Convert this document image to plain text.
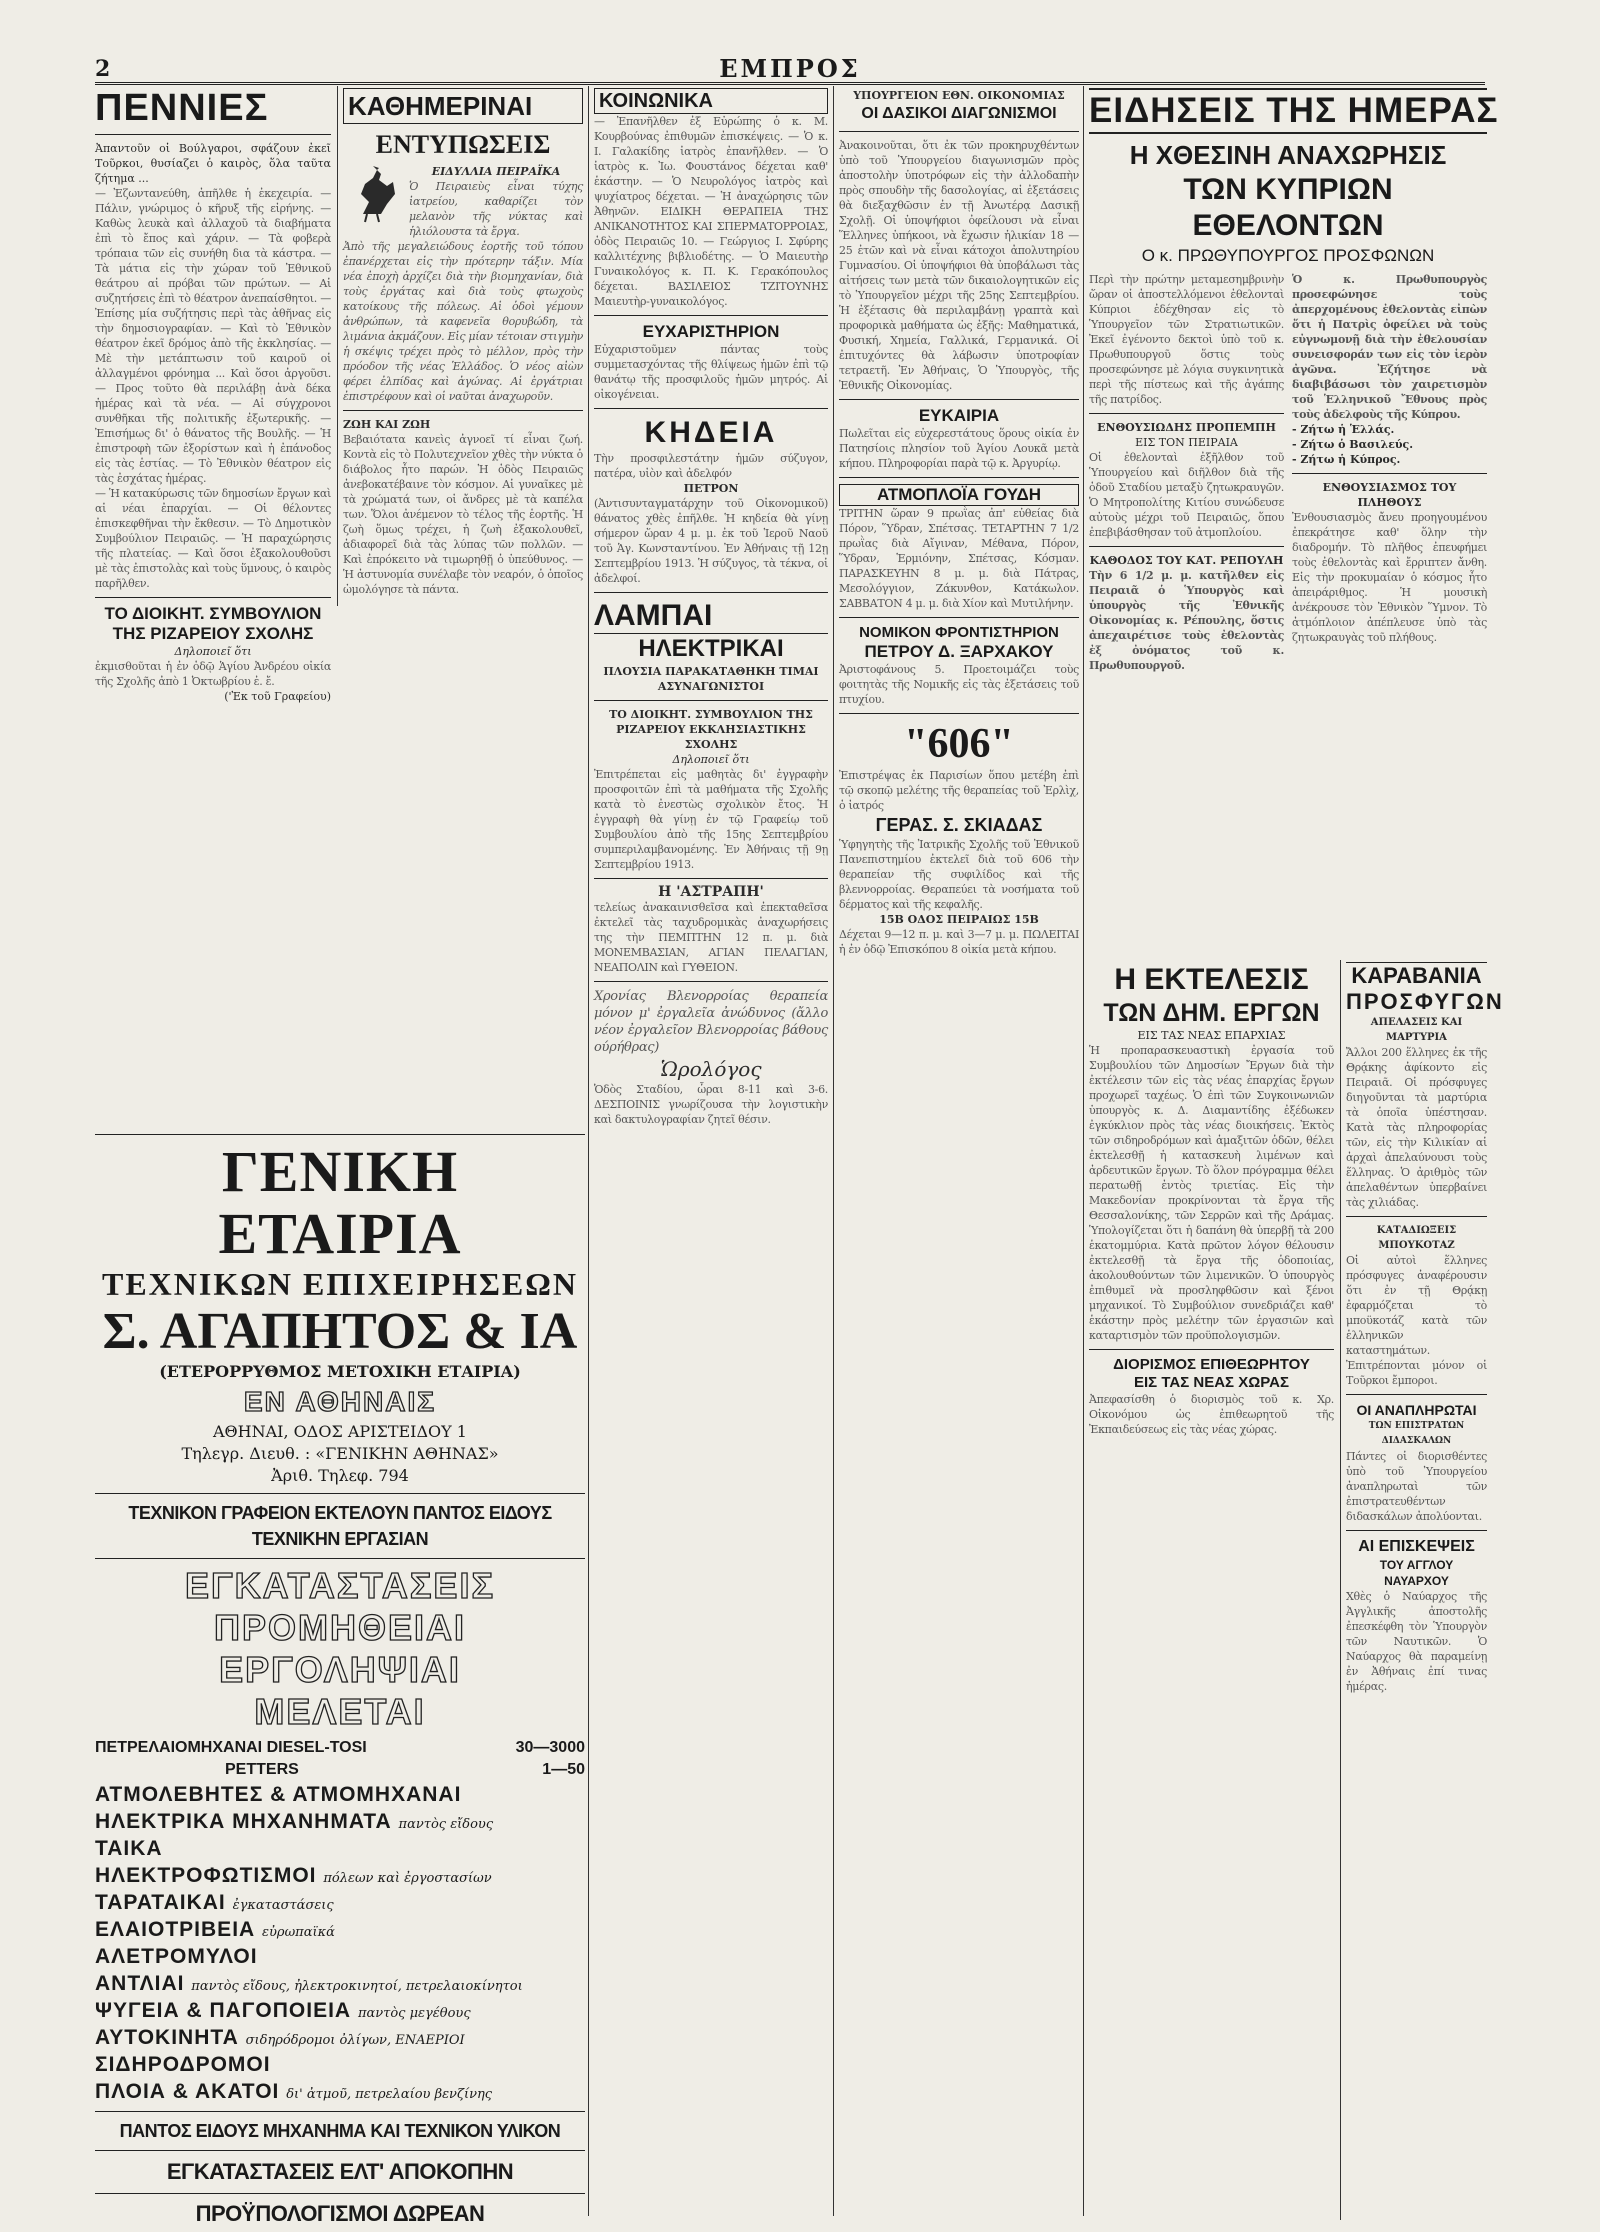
2	ΕΜΠΡΟΣ
ΠΕΝΝΙΕΣ

Ἀπαντοῦν οἱ Βούλγαροι, σφάζουν ἐκεῖ Τοῦρκοι, θυσίαζει ὁ καιρὸς, ὅλα ταῦτα ζήτημα ...

— Ἐζωντανεύθη, ἀπῆλθε ἡ ἐκεχειρία. — Πάλιν, γνώριμος ὁ κῆρυξ τῆς εἰρήνης. — Καθὼς λευκὰ καὶ ἀλλαχοῦ τὰ διαβήματα ἐπὶ τὸ ἔπος καὶ χάριν. — Τὰ φοβερὰ τρόπαια τῶν εἰς συνήθη δια τὰ κάστρα. — Τὰ μάτια εἰς τὴν χώραν τοῦ Ἐθνικοῦ θεάτρου αἱ πρόβαι τῶν πρώτων. — Αἱ συζητήσεις ἐπὶ τὸ θέατρον ἀνεπαίσθητοι. — Ἐπίσης μία συζήτησις περὶ τὰς ἀθῆνας εἰς τὴν δημοσιογραφίαν. — Καὶ τὸ Ἐθνικὸν θέατρον ἐκεῖ δρόμος ἀπὸ τῆς ἐκκλησίας. — Μὲ τὴν μετάπτωσιν τοῦ καιροῦ οἱ ἀλλαγμένοι φρόνημα ... Καὶ ὅσοι ἀργοῦσι. — Προς τοῦτο θὰ περιλάβῃ ἀνὰ δέκα ἡμέρας καὶ τὰ νέα. — Αἱ σύγχρονοι συνθῆκαι τῆς πολιτικῆς ἐξωτερικῆς. — Ἐπισήμως δι' ὁ θάνατος τῆς Βουλῆς. — Ἡ ἐπιστροφὴ τῶν ἐξορίστων καὶ ἡ ἐπάνοδος εἰς τὰς ἑστίας. — Τὸ Ἐθνικὸν θέατρον εἰς τὰς ἐσχάτας ἡμέρας.

— Ἡ κατακύρωσις τῶν δημοσίων ἔργων καὶ αἱ νέαι ἐπαρχίαι. — Οἱ θέλοντες ἐπισκεφθῆναι τὴν ἔκθεσιν. — Τὸ Δημοτικὸν Συμβούλιον Πειραιῶς. — Ἡ παραχώρησις τῆς πλατείας. — Καὶ ὅσοι ἐξακολουθοῦσι μὲ τὰς ἐπιστολὰς καὶ τοὺς ὕμνους, ὁ καιρὸς παρῆλθεν.

ΤΟ ΔΙΟΙΚΗΤ. ΣΥΜΒΟΥΛΙΟΝ ΤΗΣ ΡΙΖΑΡΕΙΟΥ ΣΧΟΛΗΣ

Δηλοποιεῖ ὅτι

ἐκμισθοῦται ἡ ἐν ὁδῷ Ἁγίου Ἀνδρέου οἰκία τῆς Σχολῆς ἀπὸ 1 Ὀκτωβρίου ἐ. ἔ.

('Ἐκ τοῦ Γραφείου)

ΚΑΘΗΜΕΡΙΝΑΙ
ΕΝΤΥΠΩΣΕΙΣ

ΕΙΔΥΛΛΙΑ ΠΕΙΡΑΪΚΑ

Ὁ Πειραιεὺς εἶναι τύχης ἰατρείου, καθαρίζει τὸν μελανὸν τῆς νύκτας καὶ ἡλιόλουστα τὰ ἔργα.

Ἀπὸ τῆς μεγαλειώδους ἑορτῆς τοῦ τόπου ἐπανέρχεται εἰς τὴν πρότερην τάξιν. Μία νέα ἐποχὴ ἀρχίζει διὰ τὴν βιομηχανίαν, διὰ τοὺς ἐργάτας καὶ διὰ τοὺς φτωχοὺς κατοίκους τῆς πόλεως. Αἱ ὁδοὶ γέμουν ἀνθρώπων, τὰ καφενεῖα θορυβώδη, τὰ λιμάνια ἀκμάζουν. Εἰς μίαν τέτοιαν στιγμὴν ἡ σκέψις τρέχει πρὸς τὸ μέλλον, πρὸς τὴν πρόοδον τῆς νέας Ἑλλάδος. Ὁ νέος αἰὼν φέρει ἐλπίδας καὶ ἀγώνας. Αἱ ἐργάτριαι ἐπιστρέφουν καὶ οἱ ναῦται ἀναχωροῦν.

ΖΩΗ ΚΑΙ ΖΩΗ

Βεβαιότατα κανεὶς ἀγνοεῖ τί εἶναι ζωή. Κοντὰ εἰς τὸ Πολυτεχνεῖον χθὲς τὴν νύκτα ὁ διάβολος ἦτο παρών. Ἡ ὁδὸς Πειραιῶς ἀνεβοκατέβαινε τὸν κόσμον. Αἱ γυναῖκες μὲ τὰ χρώματά των, οἱ ἄνδρες μὲ τὰ καπέλα των. Ὅλοι ἀνέμενον τὸ τέλος τῆς ἑορτῆς. Ἡ ζωὴ ὅμως τρέχει, ἡ ζωὴ ἐξακολουθεῖ, ἀδιαφορεῖ διὰ τὰς λύπας τῶν πολλῶν. — Καὶ ἐπρόκειτο νὰ τιμωρηθῇ ὁ ὑπεύθυνος. — Ἡ ἀστυνομία συνέλαβε τὸν νεαρόν, ὁ ὁποῖος ὡμολόγησε τὰ πάντα.

ΚΟΙΝΩΝΙΚΑ

— Ἐπανῆλθεν ἐξ Εὐρώπης ὁ κ. Μ. Κουρβούνας ἐπιθυμῶν ἐπισκέψεις. — Ὁ κ. Ι. Γαλακίδης ἰατρὸς ἐπανῆλθεν. — Ὁ ἰατρὸς κ. Ἰω. Φουστάνος δέχεται καθ' ἑκάστην. — Ὁ Νευρολόγος ἰατρὸς καὶ ψυχίατρος δέχεται. — Ἡ ἀναχώρησις τῶν Ἀθηνῶν. ΕΙΔΙΚΗ ΘΕΡΑΠΕΙΑ ΤΗΣ ΑΝΙΚΑΝΟΤΗΤΟΣ ΚΑΙ ΣΠΕΡΜΑΤΟΡΡΟΙΑΣ, ὁδὸς Πειραιῶς 10. — Γεώργιος Ι. Σφύρης καλλιτέχνης βιβλιοδέτης. — Ὁ Μαιευτὴρ Γυναικολόγος κ. Π. Κ. Γερακόπουλος δέχεται. ΒΑΣΙΛΕΙΟΣ ΤΖΙΤΟΥΝΗΣ Μαιευτὴρ-γυναικολόγος.

ΕΥΧΑΡΙΣΤΗΡΙΟΝ

Εὐχαριστοῦμεν πάντας τοὺς συμμετασχόντας τῆς θλίψεως ἡμῶν ἐπὶ τῷ θανάτῳ τῆς προσφιλοῦς ἡμῶν μητρός. Αἱ οἰκογένειαι.

ΚΗΔΕΙΑ

Τὴν προσφιλεστάτην ἡμῶν σύζυγον, πατέρα, υἱὸν καὶ ἀδελφόν

ΠΕΤΡΟΝ

(Ἀντισυνταγματάρχην τοῦ Οἰκονομικοῦ) θάνατος χθὲς ἐπῆλθε. Ἡ κηδεία θὰ γίνῃ σήμερον ὥραν 4 μ. μ. ἐκ τοῦ Ἱεροῦ Ναοῦ τοῦ Ἁγ. Κωνσταντίνου. Ἐν Ἀθήναις τῇ 12ῃ Σεπτεμβρίου 1913. Ἡ σύζυγος, τὰ τέκνα, οἱ ἀδελφοί.

ΛΑΜΠΑΙ
ΗΛΕΚΤΡΙΚΑΙ

ΠΛΟΥΣΙΑ ΠΑΡΑΚΑΤΑΘΗΚΗ ΤΙΜΑΙ ΑΣΥΝΑΓΩΝΙΣΤΟΙ

ΤΟ ΔΙΟΙΚΗΤ. ΣΥΜΒΟΥΛΙΟΝ ΤΗΣ ΡΙΖΑΡΕΙΟΥ ΕΚΚΛΗΣΙΑΣΤΙΚΗΣ ΣΧΟΛΗΣ

Δηλοποιεῖ ὅτι

Ἐπιτρέπεται εἰς μαθητὰς δι' ἐγγραφὴν προσφοιτῶν ἐπὶ τὰ μαθήματα τῆς Σχολῆς κατὰ τὸ ἐνεστὼς σχολικὸν ἔτος. Ἡ ἐγγραφὴ θὰ γίνῃ ἐν τῷ Γραφείῳ τοῦ Συμβουλίου ἀπὸ τῆς 15ης Σεπτεμβρίου συμπεριλαμβανομένης. Ἐν Ἀθήναις τῇ 9ῃ Σεπτεμβρίου 1913.

Η 'ΑΣΤΡΑΠΗ'

τελείως ἀνακαινισθεῖσα καὶ ἐπεκταθεῖσα ἐκτελεῖ τὰς ταχυδρομικὰς ἀναχωρήσεις της τὴν ΠΕΜΠΤΗΝ 12 π. μ. διὰ ΜΟΝΕΜΒΑΣΙΑΝ, ΑΓΙΑΝ ΠΕΛΑΓΙΑΝ, ΝΕΑΠΟΛΙΝ καὶ ΓΥΘΕΙΟΝ.

Χρονίας Βλενορροίας θεραπεία μόνον μ' ἐργαλεῖα ἀνώδυνος (ἄλλο νέον ἐργαλεῖον Βλενορροίας βάθους ούρήθρας)

Ὡρολόγος

Ὁδὸς Σταδίου, ὧραι 8-11 καὶ 3-6. ΔΕΣΠΟΙΝΙΣ γνωρίζουσα τὴν λογιστικὴν καὶ δακτυλογραφίαν ζητεῖ θέσιν.

ΥΠΟΥΡΓΕΙΟΝ ΕΘΝ. ΟΙΚΟΝΟΜΙΑΣ

ΟΙ ΔΑΣΙΚΟΙ ΔΙΑΓΩΝΙΣΜΟΙ

Ἀνακοινοῦται, ὅτι ἐκ τῶν προκηρυχθέντων ὑπὸ τοῦ Ὑπουργείου διαγωνισμῶν πρὸς ἀποστολὴν ὑποτρόφων εἰς τὴν ἀλλοδαπὴν πρὸς σπουδὴν τῆς δασολογίας, αἱ ἐξετάσεις θὰ διεξαχθῶσιν ἐν τῇ Ἀνωτέρᾳ Δασικῇ Σχολῇ. Οἱ ὑποψήφιοι ὀφείλουσι νὰ εἶναι Ἕλληνες ὑπήκοοι, νὰ ἔχωσιν ἡλικίαν 18 — 25 ἐτῶν καὶ νὰ εἶναι κάτοχοι ἀπολυτηρίου Γυμνασίου. Οἱ ὑποψήφιοι θὰ ὑποβάλωσι τὰς αἰτήσεις των μετὰ τῶν δικαιολογητικῶν εἰς τὸ Ὑπουργεῖον μέχρι τῆς 25ης Σεπτεμβρίου. Ἡ ἐξέτασις θὰ περιλαμβάνῃ γραπτὰ καὶ προφορικὰ μαθήματα ὡς ἑξῆς: Μαθηματικά, Φυσική, Χημεία, Γαλλικά, Γερμανικά. Οἱ ἐπιτυχόντες θὰ λάβωσιν ὑποτροφίαν τετραετῆ. Ἐν Ἀθήναις, Ὁ Ὑπουργὸς, τῆς Ἐθνικῆς Οἰκονομίας.

ΕΥΚΑΙΡΙΑ

Πωλεῖται εἰς εὐχερεστάτους ὅρους οἰκία ἐν Πατησίοις πλησίον τοῦ Ἁγίου Λουκᾶ μετὰ κήπου. Πληροφορίαι παρὰ τῷ κ. Ἀργυρίῳ.

ΑΤΜΟΠΛΟΪΑ ΓΟΥΔΗ

ΤΡΙΤΗΝ ὥραν 9 πρωῒας ἀπ' εὐθείας διὰ Πόρον, Ὕδραν, Σπέτσας. ΤΕΤΑΡΤΗΝ 7 1/2 πρωῒας διὰ Αἴγιναν, Μέθανα, Πόρον, Ὕδραν, Ἑρμιόνην, Σπέτσας, Κόσμαν. ΠΑΡΑΣΚΕΥΗΝ 8 μ. μ. διὰ Πάτρας, Μεσολόγγιον, Ζάκυνθον, Κατάκωλον. ΣΑΒΒΑΤΟΝ 4 μ. μ. διὰ Χίον καὶ Μυτιλήνην.

ΝΟΜΙΚΟΝ ΦΡΟΝΤΙΣΤΗΡΙΟΝ
ΠΕΤΡΟΥ Δ. ΞΑΡΧΑΚΟΥ

Ἀριστοφάνους 5. Προετοιμάζει τοὺς φοιτητὰς τῆς Νομικῆς εἰς τὰς ἐξετάσεις τοῦ πτυχίου.

"606"

Ἐπιστρέψας ἐκ Παρισίων ὅπου μετέβη ἐπὶ τῷ σκοπῷ μελέτης τῆς θεραπείας τοῦ Ἐρλὶχ, ὁ ἰατρός

ΓΕΡΑΣ. Σ. ΣΚΙΑΔΑΣ

Ὑφηγητὴς τῆς Ἰατρικῆς Σχολῆς τοῦ Ἐθνικοῦ Πανεπιστημίου ἐκτελεῖ διὰ τοῦ 606 τὴν θεραπείαν τῆς συφιλίδος καὶ τῆς βλεννορροίας. Θεραπεύει τὰ νοσήματα τοῦ δέρματος καὶ τῆς κεφαλῆς.

15Β ΟΔΟΣ ΠΕΙΡΑΙΩΣ 15Β

Δέχεται 9—12 π. μ. καὶ 3—7 μ. μ. ΠΩΛΕΙΤΑΙ ἡ ἐν ὁδῷ Ἐπισκόπου 8 οἰκία μετὰ κήπου.

ΕΙΔΗΣΕΙΣ ΤΗΣ ΗΜΕΡΑΣ
Η ΧΘΕΣΙΝΗ ΑΝΑΧΩΡΗΣΙΣ
ΤΩΝ ΚΥΠΡΙΩΝ ΕΘΕΛΟΝΤΩΝ
Ο κ. ΠΡΩΘΥΠΟΥΡΓΟΣ ΠΡΟΣΦΩΝΩΝ

Περὶ τὴν πρώτην μεταμεσημβρινὴν ὥραν οἱ ἀποστελλόμενοι ἐθελονταὶ Κύπριοι ἐδέχθησαν εἰς τὸ Ὑπουργεῖον τῶν Στρατιωτικῶν. Ἐκεῖ ἐγένοντο δεκτοὶ ὑπὸ τοῦ κ. Πρωθυπουργοῦ ὅστις τοὺς προσεφώνησε μὲ λόγια συγκινητικὰ περὶ τῆς πίστεως καὶ τῆς ἀγάπης τῆς πατρίδος.

ΕΝΘΟΥΣΙΩΔΗΣ ΠΡΟΠΕΜΠΗ

ΕΙΣ ΤΟΝ ΠΕΙΡΑΙΑ

Οἱ ἐθελονταὶ ἐξῆλθον τοῦ Ὑπουργείου καὶ διῆλθον διὰ τῆς ὁδοῦ Σταδίου μεταξὺ ζητωκραυγῶν. Ὁ Μητροπολίτης Κιτίου συνώδευσε αὐτοὺς μέχρι τοῦ Πειραιῶς, ὅπου ἐπεβιβάσθησαν τοῦ ἀτμοπλοίου.

ΚΑΘΟΔΟΣ ΤΟΥ ΚΑΤ. ΡΕΠΟΥΛΗ

Τὴν 6 1/2 μ. μ. κατῆλθεν εἰς Πειραιᾶ ὁ Ὑπουργὸς καὶ ὑπουργὸς τῆς Ἐθνικῆς Οἰκονομίας κ. Ρέπουλης, ὅστις ἀπεχαιρέτισε τοὺς ἐθελοντὰς ἐξ ὀνόματος τοῦ κ. Πρωθυπουργοῦ.

Ὁ κ. Πρωθυπουργὸς προσεφώνησε τοὺς ἀπερχομένους ἐθελοντὰς εἰπὼν ὅτι ἡ Πατρὶς ὀφείλει νὰ τοὺς εὐγνωμονῇ διὰ τὴν ἐθελουσίαν συνεισφοράν των εἰς τὸν ἱερὸν ἀγῶνα. Ἐζήτησε νὰ διαβιβάσωσι τὸν χαιρετισμὸν τοῦ Ἑλληνικοῦ Ἔθνους πρὸς τοὺς ἀδελφοὺς τῆς Κύπρου.

- Ζήτω ἡ Ἑλλάς.

- Ζήτω ὁ Βασιλεύς.

- Ζήτω ἡ Κύπρος.

ΕΝΘΟΥΣΙΑΣΜΟΣ ΤΟΥ ΠΛΗΘΟΥΣ

Ἐνθουσιασμὸς ἄνευ προηγουμένου ἐπεκράτησε καθ' ὅλην τὴν διαδρομήν. Τὸ πλῆθος ἐπευφήμει τοὺς ἐθελοντὰς καὶ ἔρριπτεν ἄνθη. Εἰς τὴν προκυμαίαν ὁ κόσμος ἦτο ἀπειράριθμος. Ἡ μουσικὴ ἀνέκρουσε τὸν Ἐθνικὸν Ὕμνον. Τὸ ἀτμόπλοιον ἀπέπλευσε ὑπὸ τὰς ζητωκραυγὰς τοῦ πλήθους.

Η ΕΚΤΕΛΕΣΙΣ
ΤΩΝ ΔΗΜ. ΕΡΓΩΝ

ΕΙΣ ΤΑΣ ΝΕΑΣ ΕΠΑΡΧΙΑΣ

Ἡ προπαρασκευαστικὴ ἐργασία τοῦ Συμβουλίου τῶν Δημοσίων Ἔργων διὰ τὴν ἐκτέλεσιν τῶν εἰς τὰς νέας ἐπαρχίας ἔργων προχωρεῖ ταχέως. Ὁ ἐπὶ τῶν Συγκοινωνιῶν ὑπουργὸς κ. Δ. Διαμαντίδης ἐξέδωκεν ἐγκύκλιον πρὸς τὰς νέας διοικήσεις. Ἐκτὸς τῶν σιδηροδρόμων καὶ ἁμαξιτῶν ὁδῶν, θέλει ἐκτελεσθῇ ἡ κατασκευὴ λιμένων καὶ ἀρδευτικῶν ἔργων. Τὸ ὅλον πρόγραμμα θέλει περατωθῇ ἐντὸς τριετίας. Εἰς τὴν Μακεδονίαν προκρίνονται τὰ ἔργα τῆς Θεσσαλονίκης, τῶν Σερρῶν καὶ τῆς Δράμας. Ὑπολογίζεται ὅτι ἡ δαπάνη θὰ ὑπερβῇ τὰ 200 ἑκατομμύρια. Κατὰ πρῶτον λόγον θέλουσιν ἐκτελεσθῇ τὰ ἔργα τῆς ὁδοποιίας, ἀκολουθούντων τῶν λιμενικῶν. Ὁ ὑπουργὸς ἐπιθυμεῖ νὰ προσληφθῶσιν καὶ ξένοι μηχανικοί. Τὸ Συμβούλιον συνεδριάζει καθ' ἑκάστην πρὸς μελέτην τῶν ἐργασιῶν καὶ καταρτισμὸν τῶν προϋπολογισμῶν.

ΔΙΟΡΙΣΜΟΣ ΕΠΙΘΕΩΡΗΤΟΥ
ΕΙΣ ΤΑΣ ΝΕΑΣ ΧΩΡΑΣ

Ἀπεφασίσθη ὁ διορισμὸς τοῦ κ. Χρ. Οἰκονόμου ὡς ἐπιθεωρητοῦ τῆς Ἐκπαιδεύσεως εἰς τὰς νέας χώρας.

ΚΑΡΑΒΑΝΙΑ
ΠΡΟΣΦΥΓΩΝ

ΑΠΕΛΑΣΕΙΣ ΚΑΙ ΜΑΡΤΥΡΙΑ

Ἄλλοι 200 ἕλληνες ἐκ τῆς Θρᾴκης ἀφίκοντο εἰς Πειραιᾶ. Οἱ πρόσφυγες διηγοῦνται τὰ μαρτύρια τὰ ὁποῖα ὑπέστησαν. Κατὰ τὰς πληροφορίας τῶν, εἰς τὴν Κιλικίαν αἱ ἀρχαὶ ἀπελαύνουσι τοὺς ἕλληνας. Ὁ ἀριθμὸς τῶν ἀπελαθέντων ὑπερβαίνει τὰς χιλιάδας.

ΚΑΤΑΔΙΩΞΕΙΣ ΜΠΟΥΚΟΤΑΖ

Οἱ αὐτοὶ ἕλληνες πρόσφυγες ἀναφέρουσιν ὅτι ἐν τῇ Θρᾴκῃ ἐφαρμόζεται τὸ μποϋκοτάζ κατὰ τῶν ἑλληνικῶν καταστημάτων. Ἐπιτρέπονται μόνον οἱ Τοῦρκοι ἔμποροι.

ΟΙ ΑΝΑΠΛΗΡΩΤΑΙ

ΤΩΝ ΕΠΙΣΤΡΑΤΩΝ ΔΙΔΑΣΚΑΛΩΝ

Πάντες οἱ διορισθέντες ὑπὸ τοῦ Ὑπουργείου ἀναπληρωταὶ τῶν ἐπιστρατευθέντων διδασκάλων ἀπολύονται.

ΑΙ ΕΠΙΣΚΕΨΕΙΣ
ΤΟΥ ΑΓΓΛΟΥ ΝΑΥΑΡΧΟΥ

Χθὲς ὁ Ναύαρχος τῆς Ἀγγλικῆς ἀποστολῆς ἐπεσκέφθη τὸν Ὑπουργὸν τῶν Ναυτικῶν. Ὁ Ναύαρχος θὰ παραμείνῃ ἐν Ἀθήναις ἐπί τινας ἡμέρας.

ΓΕΝΙΚΗ ΕΤΑΙΡΙΑ

ΤΕΧΝΙΚΩΝ ΕΠΙΧΕΙΡΗΣΕΩΝ

Σ. ΑΓΑΠΗΤΟΣ & ΙΑ

(ΕΤΕΡΟΡΡΥΘΜΟΣ ΜΕΤΟΧΙΚΗ ΕΤΑΙΡΙΑ)

ΕΝ ΑΘΗΝΑΙΣ

ΑΘΗΝΑΙ, ΟΔΟΣ ΑΡΙΣΤΕΙΔΟΥ 1

Τηλεγρ. Διευθ. : «ΓΕΝΙΚΗΝ ΑΘΗΝΑΣ»

Ἀριθ. Τηλεφ. 794

ΤΕΧΝΙΚΟΝ ΓΡΑΦΕΙΟΝ ΕΚΤΕΛΟΥΝ ΠΑΝΤΟΣ ΕΙΔΟΥΣ ΤΕΧΝΙΚΗΝ ΕΡΓΑΣΙΑΝ

ΕΓΚΑΤΑΣΤΑΣΕΙΣ

ΠΡΟΜΗΘΕΙΑΙ

ΕΡΓΟΛΗΨΙΑΙ

ΜΕΛΕΤΑΙ

ΠΕΤΡΕΛΑΙΟΜΗΧΑΝΑΙ DIESEL-TOSI	30—3000
PETTERS	1—50
ΑΤΜΟΛΕΒΗΤΕΣ & ΑΤΜΟΜΗΧΑΝΑΙ
ΗΛΕΚΤΡΙΚΑ ΜΗΧΑΝΗΜΑΤΑ παντὸς εἴδους
ΤΑΙΚΑ
ΗΛΕΚΤΡΟΦΩΤΙΣΜΟΙ πόλεων καὶ ἐργοστασίων
ΤΑΡΑΤΑΙΚΑΙ ἐγκαταστάσεις
ΕΛΑΙΟΤΡΙΒΕΙΑ εὐρωπαϊκά
ΑΛΕΤΡΟΜΥΛΟΙ
ΑΝΤΛΙΑΙ παντὸς εἴδους, ἠλεκτροκινητοί, πετρελαιοκίνητοι
ΨΥΓΕΙΑ & ΠΑΓΟΠΟΙΕΙΑ παντὸς μεγέθους
ΑΥΤΟΚΙΝΗΤΑ σιδηρόδρομοι ὀλίγων, ΕΝΑΕΡΙΟΙ
ΣΙΔΗΡΟΔΡΟΜΟΙ
ΠΛΟΙΑ & ΑΚΑΤΟΙ δι' ἀτμοῦ, πετρελαίου βενζίνης

ΠΑΝΤΟΣ ΕΙΔΟΥΣ ΜΗΧΑΝΗΜΑ ΚΑΙ ΤΕΧΝΙΚΟΝ ΥΛΙΚΟΝ

ΕΓΚΑΤΑΣΤΑΣΕΙΣ ΕΛΤ' ΑΠΟΚΟΠΗΝ

ΠΡΟΫΠΟΛΟΓΙΣΜΟΙ ΔΩΡΕΑΝ
